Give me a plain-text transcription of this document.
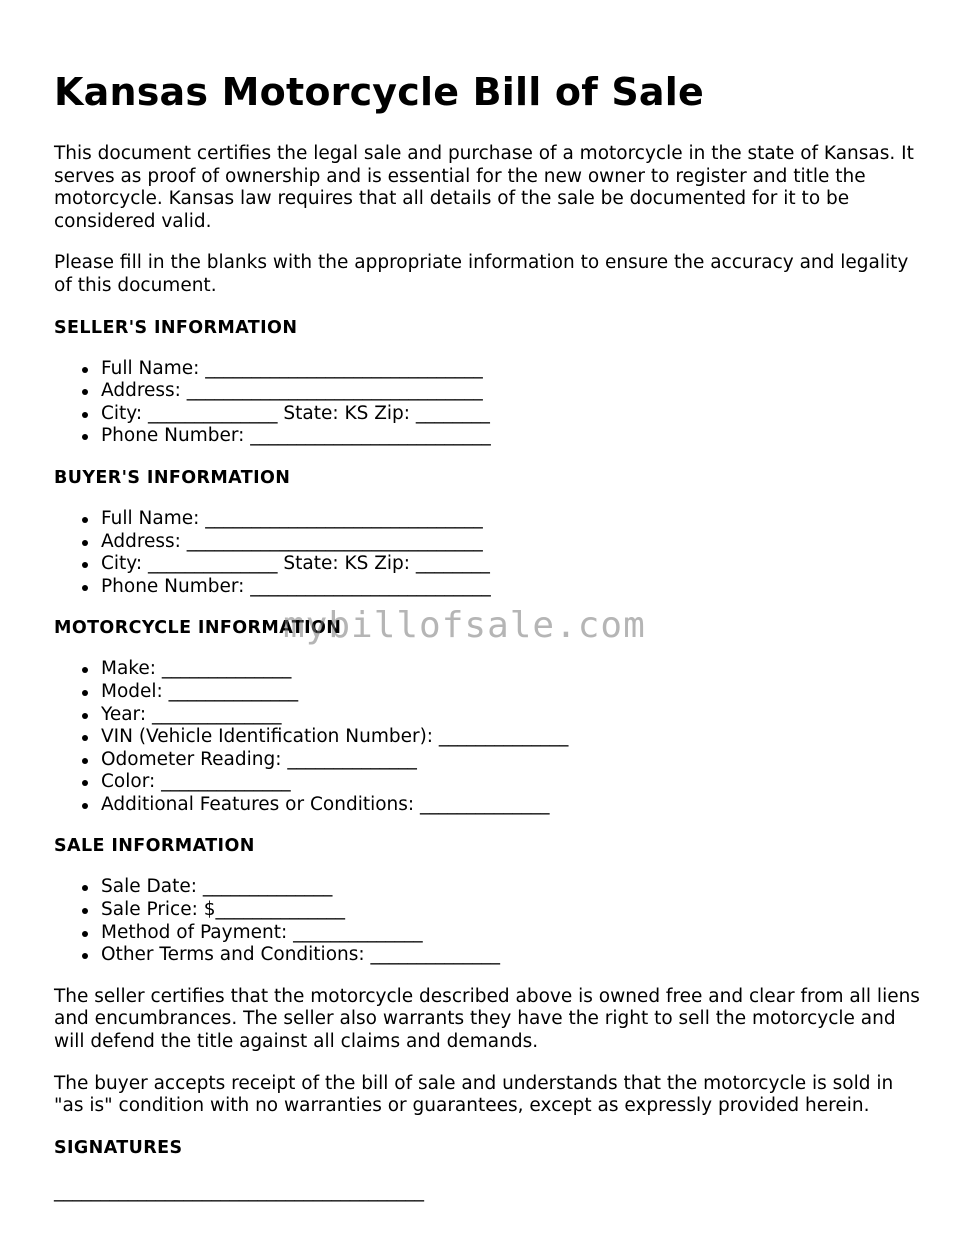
Kansas Motorcycle Bill of Sale

This document certifies the legal sale and purchase of a motorcycle in the state of Kansas. It serves as proof of ownership and is essential for the new owner to register and title the motorcycle. Kansas law requires that all details of the sale be documented for it to be considered valid.

Please fill in the blanks with the appropriate information to ensure the accuracy and legality of this document.

SELLER'S INFORMATION
Full Name: ______________________________
Address: ________________________________
City: ______________ State: KS Zip: ________
Phone Number: __________________________
BUYER'S INFORMATION
Full Name: ______________________________
Address: ________________________________
City: ______________ State: KS Zip: ________
Phone Number: __________________________
MOTORCYCLE INFORMATION
Make: ______________
Model: ______________
Year: ______________
VIN (Vehicle Identification Number): ______________
Odometer Reading: ______________
Color: ______________
Additional Features or Conditions: ______________
SALE INFORMATION
Sale Date: ______________
Sale Price: $______________
Method of Payment: ______________
Other Terms and Conditions: ______________

The seller certifies that the motorcycle described above is owned free and clear from all liens and encumbrances. The seller also warrants they have the right to sell the motorcycle and will defend the title against all claims and demands.

The buyer accepts receipt of the bill of sale and understands that the motorcycle is sold in "as is" condition with no warranties or guarantees, except as expressly provided herein.

SIGNATURES
________________________________________
mybillofsale.com
